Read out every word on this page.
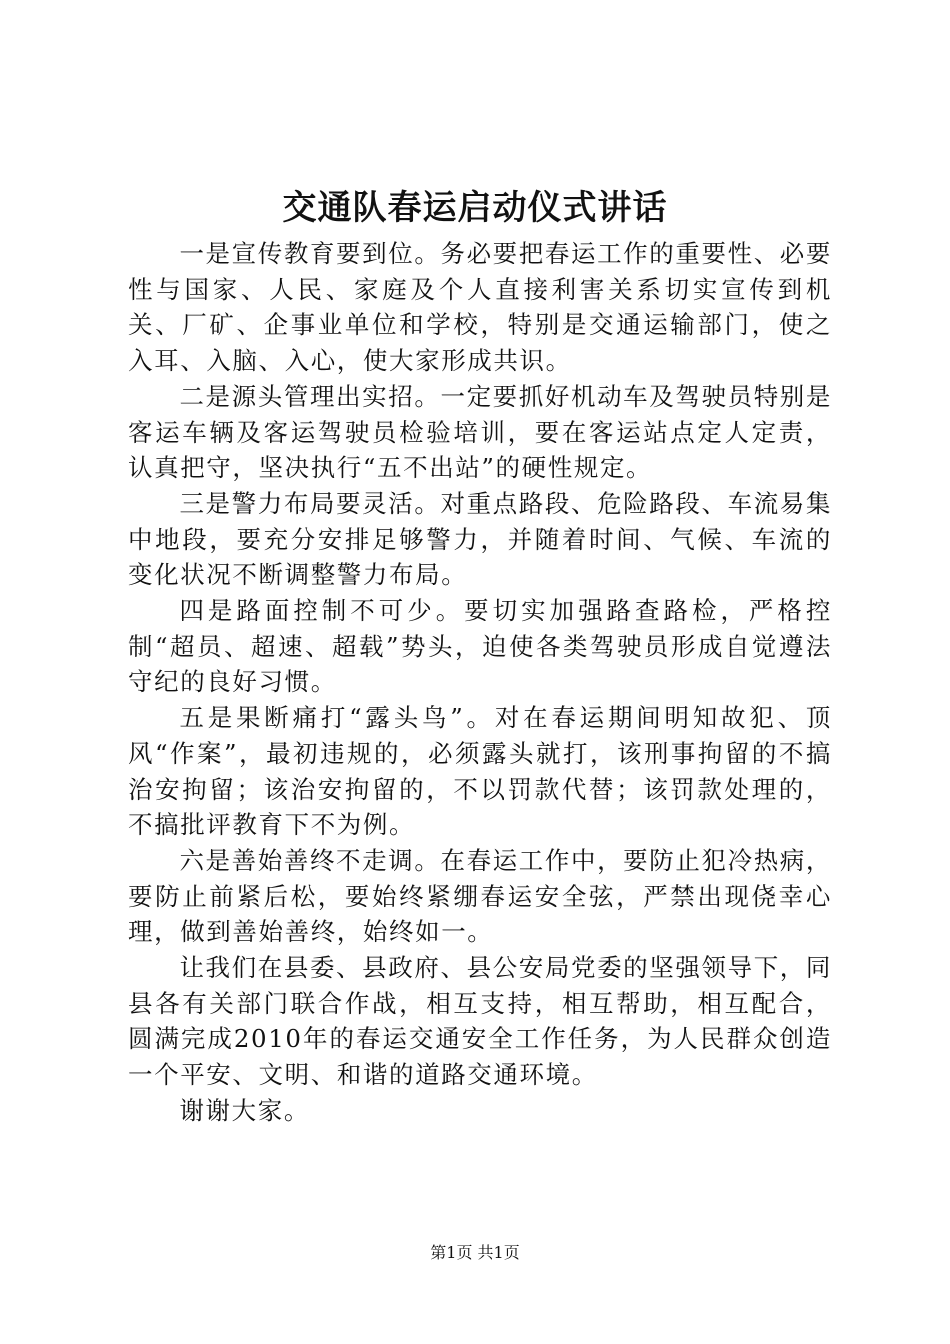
交通队春运启动仪式讲话

一是宣传教育要到位。务必要把春运工作的重要性、必要性与国家、人民、家庭及个人直接利害关系切实宣传到机关、厂矿、企事业单位和学校，特别是交通运输部门，使之入耳、入脑、入心，使大家形成共识。

二是源头管理出实招。一定要抓好机动车及驾驶员特别是客运车辆及客运驾驶员检验培训，要在客运站点定人定责，认真把守，坚决执行“五不出站”的硬性规定。

三是警力布局要灵活。对重点路段、危险路段、车流易集中地段，要充分安排足够警力，并随着时间、气候、车流的变化状况不断调整警力布局。

四是路面控制不可少。要切实加强路查路检，严格控制“超员、超速、超载”势头，迫使各类驾驶员形成自觉遵法守纪的良好习惯。

五是果断痛打“露头鸟”。对在春运期间明知故犯、顶风“作案”，最初违规的，必须露头就打，该刑事拘留的不搞治安拘留；该治安拘留的，不以罚款代替；该罚款处理的，不搞批评教育下不为例。

六是善始善终不走调。在春运工作中，要防止犯冷热病，要防止前紧后松，要始终紧绷春运安全弦，严禁出现侥幸心理，做到善始善终，始终如一。

让我们在县委、县政府、县公安局党委的坚强领导下，同县各有关部门联合作战，相互支持，相互帮助，相互配合，圆满完成2010年的春运交通安全工作任务，为人民群众创造一个平安、文明、和谐的道路交通环境。

谢谢大家。

第1页 共1页
